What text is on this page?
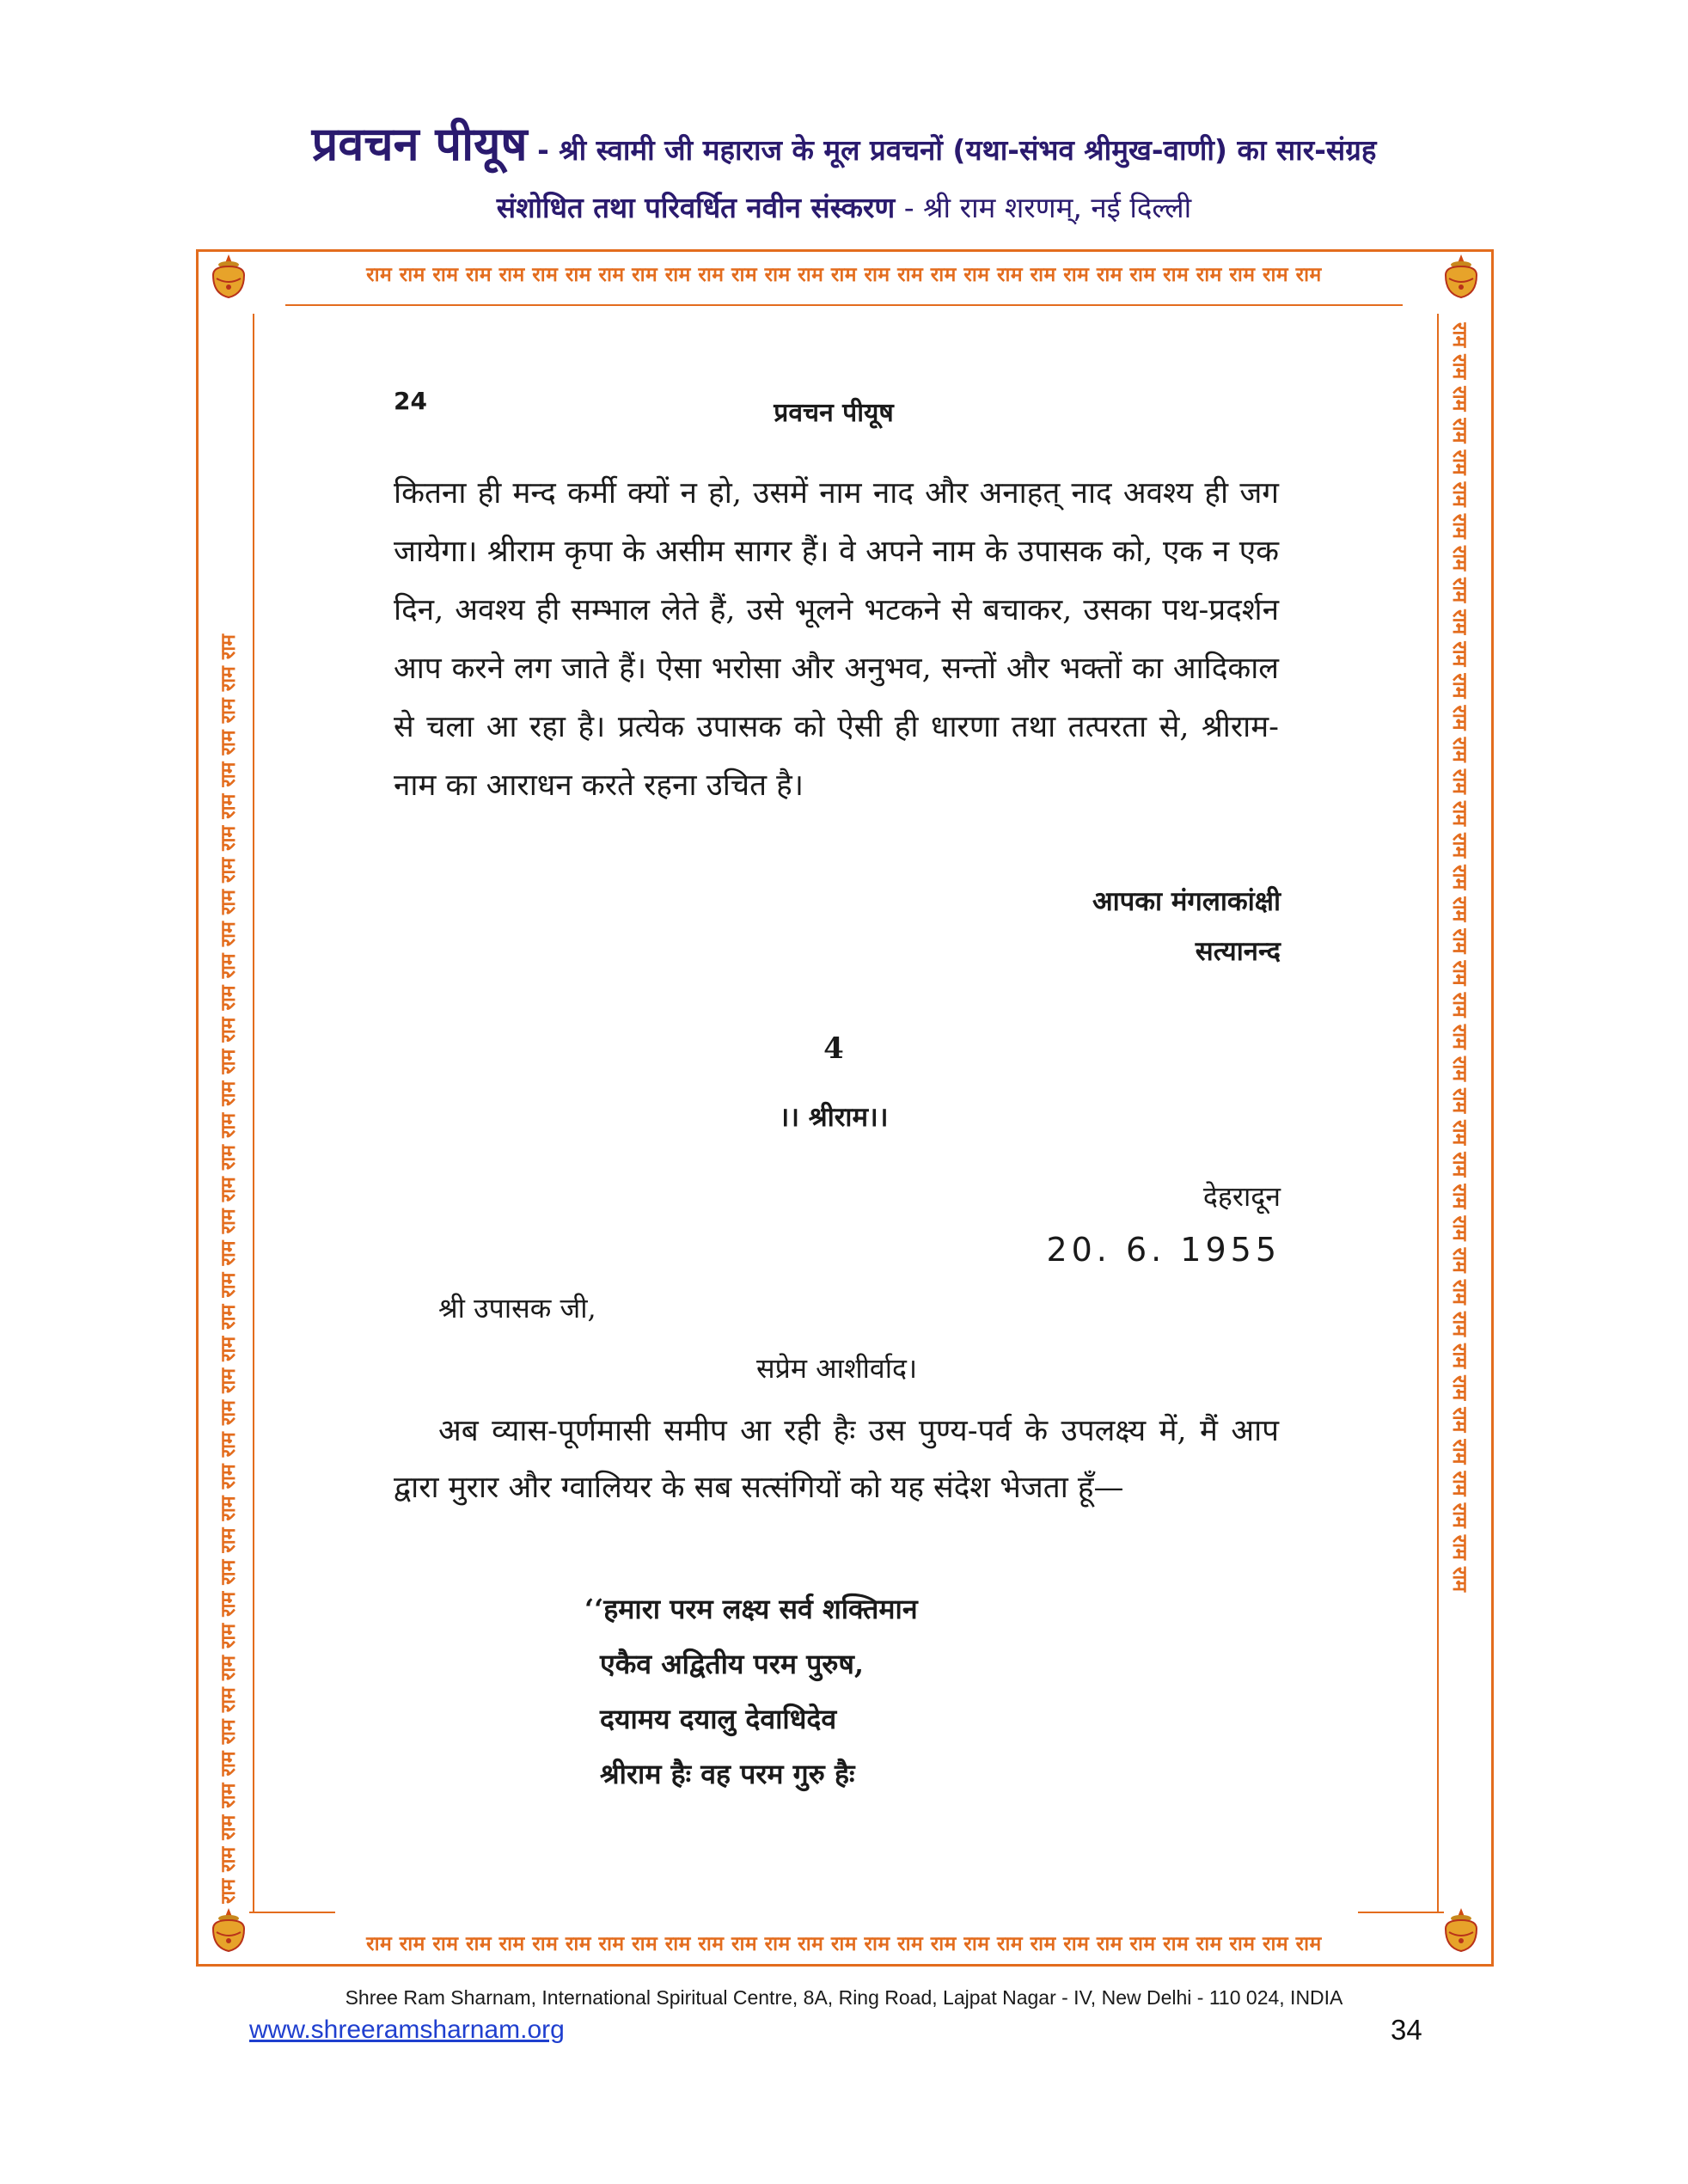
प्रवचन पीयूष - श्री स्वामी जी महाराज के मूल प्रवचनों (यथा-संभव श्रीमुख-वाणी) का सार-संग्रह
संशोधित तथा परिवर्धित नवीन संस्करण - श्री राम शरणम्, नई दिल्ली
राम राम राम राम राम राम राम राम राम राम राम राम राम राम राम राम राम राम राम राम राम राम राम राम राम राम राम राम राम
राम राम राम राम राम राम राम राम राम राम राम राम राम राम राम राम राम राम राम राम राम राम राम राम राम राम राम राम राम
राम राम राम राम राम राम राम राम राम राम राम राम राम राम राम राम राम राम राम राम राम राम राम राम राम राम राम राम राम राम राम राम राम राम राम राम राम राम राम राम	राम राम राम राम राम राम राम राम राम राम राम राम राम राम राम राम राम राम राम राम राम राम राम राम राम राम राम राम राम राम राम राम राम राम राम राम राम राम राम राम
24	प्रवचन पीयूष
कितना ही मन्द कर्मी क्यों न हो, उसमें नाम नाद और अनाहत् नाद अवश्य ही जग जायेगा। श्रीराम कृपा के असीम सागर हैं। वे अपने नाम के उपासक को, एक न एक दिन, अवश्य ही सम्भाल लेते हैं, उसे भूलने भटकने से बचाकर, उसका पथ-प्रदर्शन आप करने लग जाते हैं। ऐसा भरोसा और अनुभव, सन्तों और भक्तों का आदिकाल से चला आ रहा है। प्रत्येक उपासक को ऐसी ही धारणा तथा तत्परता से, श्रीराम-नाम का आराधन करते रहना उचित है।
आपका मंगलाकांक्षी
सत्यानन्द
4
।। श्रीराम।।
देहरादून
20. 6. 1955
श्री उपासक जी,
सप्रेम आशीर्वाद।
अब व्यास-पूर्णमासी समीप आ रही हैः उस पुण्य-पर्व के उपलक्ष्य में, मैं आप द्वारा मुरार और ग्वालियर के सब सत्संगियों को यह संदेश भेजता हूँ—
‘‘हमारा परम लक्ष्य सर्व शक्तिमान
एकैव अद्वितीय परम पुरुष,
दयामय दयालु देवाधिदेव
श्रीराम हैः वह परम गुरु हैः
Shree Ram Sharnam, International Spiritual Centre, 8A, Ring Road, Lajpat Nagar - IV, New Delhi - 110 024, INDIA
www.shreeramsharnam.org	34
